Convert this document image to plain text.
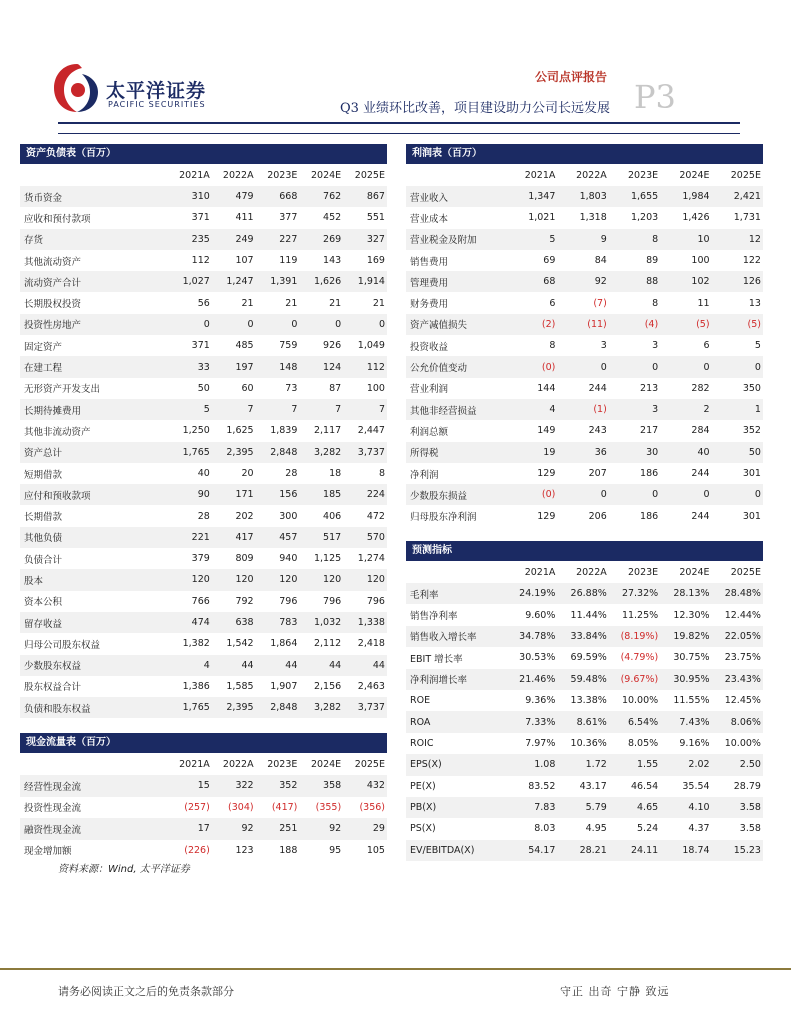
太平洋证券
PACIFIC SECURITIES
公司点评报告
Q3 业绩环比改善，项目建设助力公司长远发展 P3
资产负债表（百万）
2021A	2022A	2023E	2024E	2025E
货币资金	310	479	668	762	867
应收和预付款项	371	411	377	452	551
存货	235	249	227	269	327
其他流动资产	112	107	119	143	169
流动资产合计	1,027	1,247	1,391	1,626	1,914
长期股权投资	56	21	21	21	21
投资性房地产	0	0	0	0	0
固定资产	371	485	759	926	1,049
在建工程	33	197	148	124	112
无形资产开发支出	50	60	73	87	100
长期待摊费用	5	7	7	7	7
其他非流动资产	1,250	1,625	1,839	2,117	2,447
资产总计	1,765	2,395	2,848	3,282	3,737
短期借款	40	20	28	18	8
应付和预收款项	90	171	156	185	224
长期借款	28	202	300	406	472
其他负债	221	417	457	517	570
负债合计	379	809	940	1,125	1,274
股本	120	120	120	120	120
资本公积	766	792	796	796	796
留存收益	474	638	783	1,032	1,338
归母公司股东权益	1,382	1,542	1,864	2,112	2,418
少数股东权益	4	44	44	44	44
股东权益合计	1,386	1,585	1,907	2,156	2,463
负债和股东权益	1,765	2,395	2,848	3,282	3,737
利润表（百万）
2021A	2022A	2023E	2024E	2025E
营业收入	1,347	1,803	1,655	1,984	2,421
营业成本	1,021	1,318	1,203	1,426	1,731
营业税金及附加	5	9	8	10	12
销售费用	69	84	89	100	122
管理费用	68	92	88	102	126
财务费用	6	(7)	8	11	13
资产减值损失	(2)	(11)	(4)	(5)	(5)
投资收益	8	3	3	6	5
公允价值变动	(0)	0	0	0	0
营业利润	144	244	213	282	350
其他非经营损益	4	(1)	3	2	1
利润总额	149	243	217	284	352
所得税	19	36	30	40	50
净利润	129	207	186	244	301
少数股东损益	(0)	0	0	0	0
归母股东净利润	129	206	186	244	301
预测指标
2021A	2022A	2023E	2024E	2025E
毛利率	24.19%	26.88%	27.32%	28.13%	28.48%
销售净利率	9.60%	11.44%	11.25%	12.30%	12.44%
销售收入增长率	34.78%	33.84%	(8.19%)	19.82%	22.05%
EBIT 增长率	30.53%	69.59%	(4.79%)	30.75%	23.75%
净利润增长率	21.46%	59.48%	(9.67%)	30.95%	23.43%
ROE	9.36%	13.38%	10.00%	11.55%	12.45%
ROA	7.33%	8.61%	6.54%	7.43%	8.06%
ROIC	7.97%	10.36%	8.05%	9.16%	10.00%
EPS(X)	1.08	1.72	1.55	2.02	2.50
PE(X)	83.52	43.17	46.54	35.54	28.79
PB(X)	7.83	5.79	4.65	4.10	3.58
PS(X)	8.03	4.95	5.24	4.37	3.58
EV/EBITDA(X)	54.17	28.21	24.11	18.74	15.23
现金流量表（百万）
2021A	2022A	2023E	2024E	2025E
经营性现金流	15	322	352	358	432
投资性现金流	(257)	(304)	(417)	(355)	(356)
融资性现金流	17	92	251	92	29
现金增加额	(226)	123	188	95	105
资料来源：Wind, 太平洋证券
请务必阅读正文之后的免责条款部分	守正 出奇 宁静 致远
